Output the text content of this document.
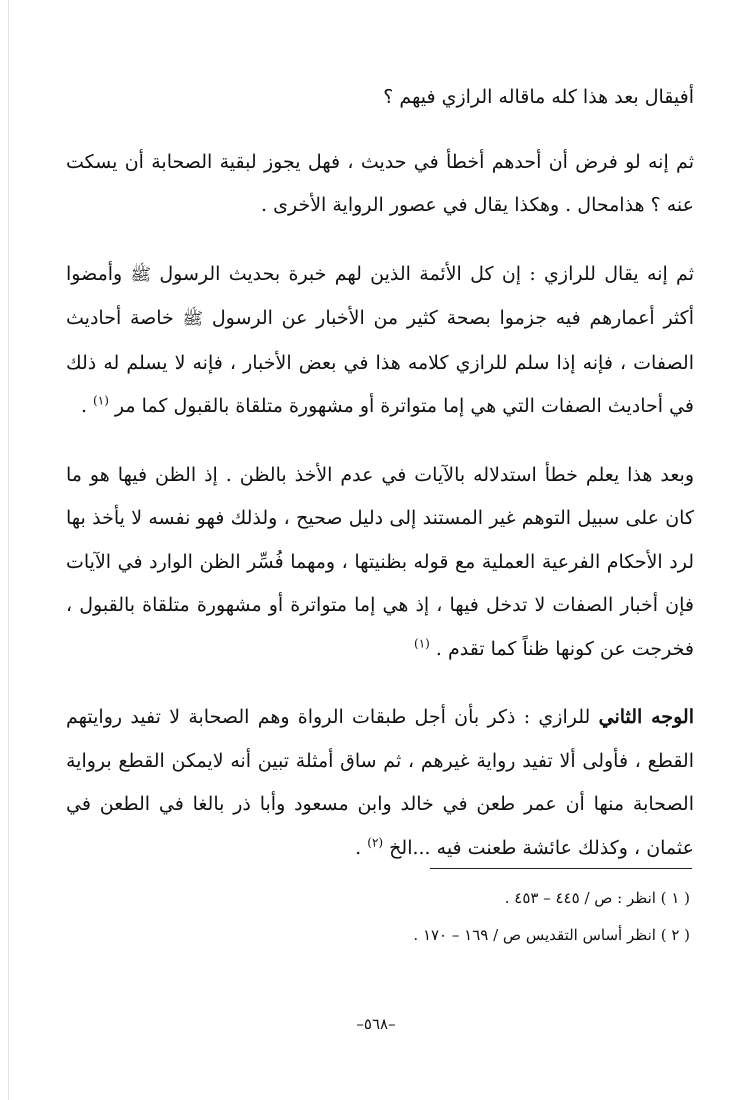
أفيقال بعد هذا كله ماقاله الرازي فيهم ؟

ثم إنه لو فرض أن أحدهم أخطأ في حديث ، فهل يجوز لبقية الصحابة أن يسكت عنه ؟ هذامحال . وهكذا يقال في عصور الرواية الأخرى .

ثم إنه يقال للرازي : إن كل الأئمة الذين لهم خبرة بحديث الرسول ﷺ وأمضوا أكثر أعمارهم فيه جزموا بصحة كثير من الأخبار عن الرسول ﷺ خاصة أحاديث الصفات ، فإنه إذا سلم للرازي كلامه هذا في بعض الأخبار ، فإنه لا يسلم له ذلك في أحاديث الصفات التي هي إما متواترة أو مشهورة متلقاة بالقبول كما مر $^{(١)}$ .

وبعد هذا يعلم خطأ استدلاله بالآيات في عدم الأخذ بالظن . إذ الظن فيها هو ما كان على سبيل التوهم غير المستند إلى دليل صحيح ، ولذلك فهو نفسه لا يأخذ بها لرد الأحكام الفرعية العملية مع قوله بظنيتها ، ومهما فُسِّر الظن الوارد في الآيات فإن أخبار الصفات لا تدخل فيها ، إذ هي إما متواترة أو مشهورة متلقاة بالقبول ، فخرجت عن كونها ظناً كما تقدم . $^{(١)}$

الوجه الثاني للرازي : ذكر بأن أجل طبقات الرواة وهم الصحابة لا تفيد روايتهم القطع ، فأولى ألا تفيد رواية غيرهم ، ثم ساق أمثلة تبين أنه لايمكن القطع برواية الصحابة منها أن عمر طعن في خالد وابن مسعود وأبا ذر بالغا في الطعن في عثمان ، وكذلك عائشة طعنت فيه ...الخ $^{(٢)}$ .

( ١ ) انظر : ص / ٤٤٥ – ٤٥٣ .

( ٢ ) انظر أساس التقديس ص / ١٦٩ – ١٧٠ .

–٥٦٨–
